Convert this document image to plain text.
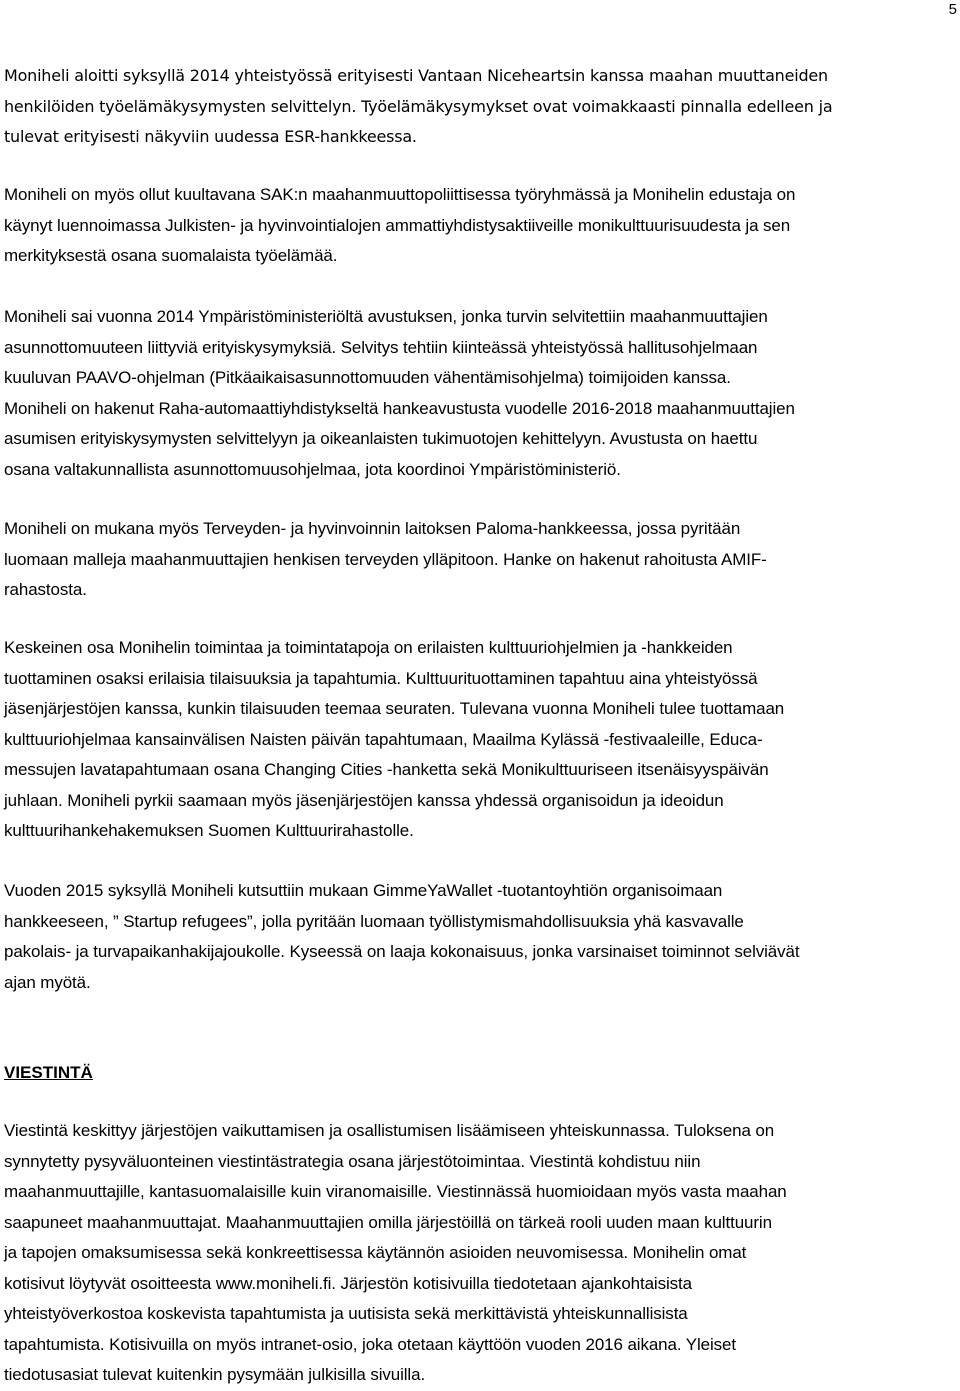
5

Moniheli aloitti syksyllä 2014 yhteistyössä erityisesti Vantaan Niceheartsin kanssa maahan muuttaneiden
henkilöiden työelämäkysymysten selvittelyn. Työelämäkysymykset ovat voimakkaasti pinnalla edelleen ja
tulevat erityisesti näkyviin uudessa ESR-hankkeessa.

Moniheli on myös ollut kuultavana SAK:n maahanmuuttopoliittisessa työryhmässä ja Monihelin edustaja on
käynyt luennoimassa Julkisten- ja hyvinvointialojen ammattiyhdistysaktiiveille monikulttuurisuudesta ja sen
merkityksestä osana suomalaista työelämää.

Moniheli sai vuonna 2014 Ympäristöministeriöltä avustuksen, jonka turvin selvitettiin maahanmuuttajien
asunnottomuuteen liittyviä erityiskysymyksiä. Selvitys tehtiin kiinteässä yhteistyössä hallitusohjelmaan
kuuluvan PAAVO-ohjelman (Pitkäaikaisasunnottomuuden vähentämisohjelma) toimijoiden kanssa.
Moniheli on hakenut Raha-automaattiyhdistykseltä hankeavustusta vuodelle 2016-2018 maahanmuuttajien
asumisen erityiskysymysten selvittelyyn ja oikeanlaisten tukimuotojen kehittelyyn. Avustusta on haettu
osana valtakunnallista asunnottomuusohjelmaa, jota koordinoi Ympäristöministeriö.

Moniheli on mukana myös Terveyden- ja hyvinvoinnin laitoksen Paloma-hankkeessa, jossa pyritään
luomaan malleja maahanmuuttajien henkisen terveyden ylläpitoon. Hanke on hakenut rahoitusta AMIF-
rahastosta.

Keskeinen osa Monihelin toimintaa ja toimintatapoja on erilaisten kulttuuriohjelmien ja -hankkeiden
tuottaminen osaksi erilaisia tilaisuuksia ja tapahtumia. Kulttuurituottaminen tapahtuu aina yhteistyössä
jäsenjärjestöjen kanssa, kunkin tilaisuuden teemaa seuraten. Tulevana vuonna Moniheli tulee tuottamaan
kulttuuriohjelmaa kansainvälisen Naisten päivän tapahtumaan, Maailma Kylässä -festivaaleille, Educa-
messujen lavatapahtumaan osana Changing Cities -hanketta sekä Monikulttuuriseen itsenäisyyspäivän
juhlaan. Moniheli pyrkii saamaan myös jäsenjärjestöjen kanssa yhdessä organisoidun ja ideoidun
kulttuurihankehakemuksen Suomen Kulttuurirahastolle.

Vuoden 2015 syksyllä Moniheli kutsuttiin mukaan GimmeYaWallet -tuotantoyhtiön organisoimaan
hankkeeseen, ” Startup refugees”, jolla pyritään luomaan työllistymismahdollisuuksia yhä kasvavalle
pakolais- ja turvapaikanhakijajoukolle. Kyseessä on laaja kokonaisuus, jonka varsinaiset toiminnot selviävät
ajan myötä.

VIESTINTÄ

Viestintä keskittyy järjestöjen vaikuttamisen ja osallistumisen lisäämiseen yhteiskunnassa. Tuloksena on
synnytetty pysyväluonteinen viestintästrategia osana järjestötoimintaa. Viestintä kohdistuu niin
maahanmuuttajille, kantasuomalaisille kuin viranomaisille. Viestinnässä huomioidaan myös vasta maahan
saapuneet maahanmuuttajat. Maahanmuuttajien omilla järjestöillä on tärkeä rooli uuden maan kulttuurin
ja tapojen omaksumisessa sekä konkreettisessa käytännön asioiden neuvomisessa. Monihelin omat
kotisivut löytyvät osoitteesta www.moniheli.fi. Järjestön kotisivuilla tiedotetaan ajankohtaisista
yhteistyöverkostoa koskevista tapahtumista ja uutisista sekä merkittävistä yhteiskunnallisista
tapahtumista. Kotisivuilla on myös intranet-osio, joka otetaan käyttöön vuoden 2016 aikana. Yleiset
tiedotusasiat tulevat kuitenkin pysymään julkisilla sivuilla.
